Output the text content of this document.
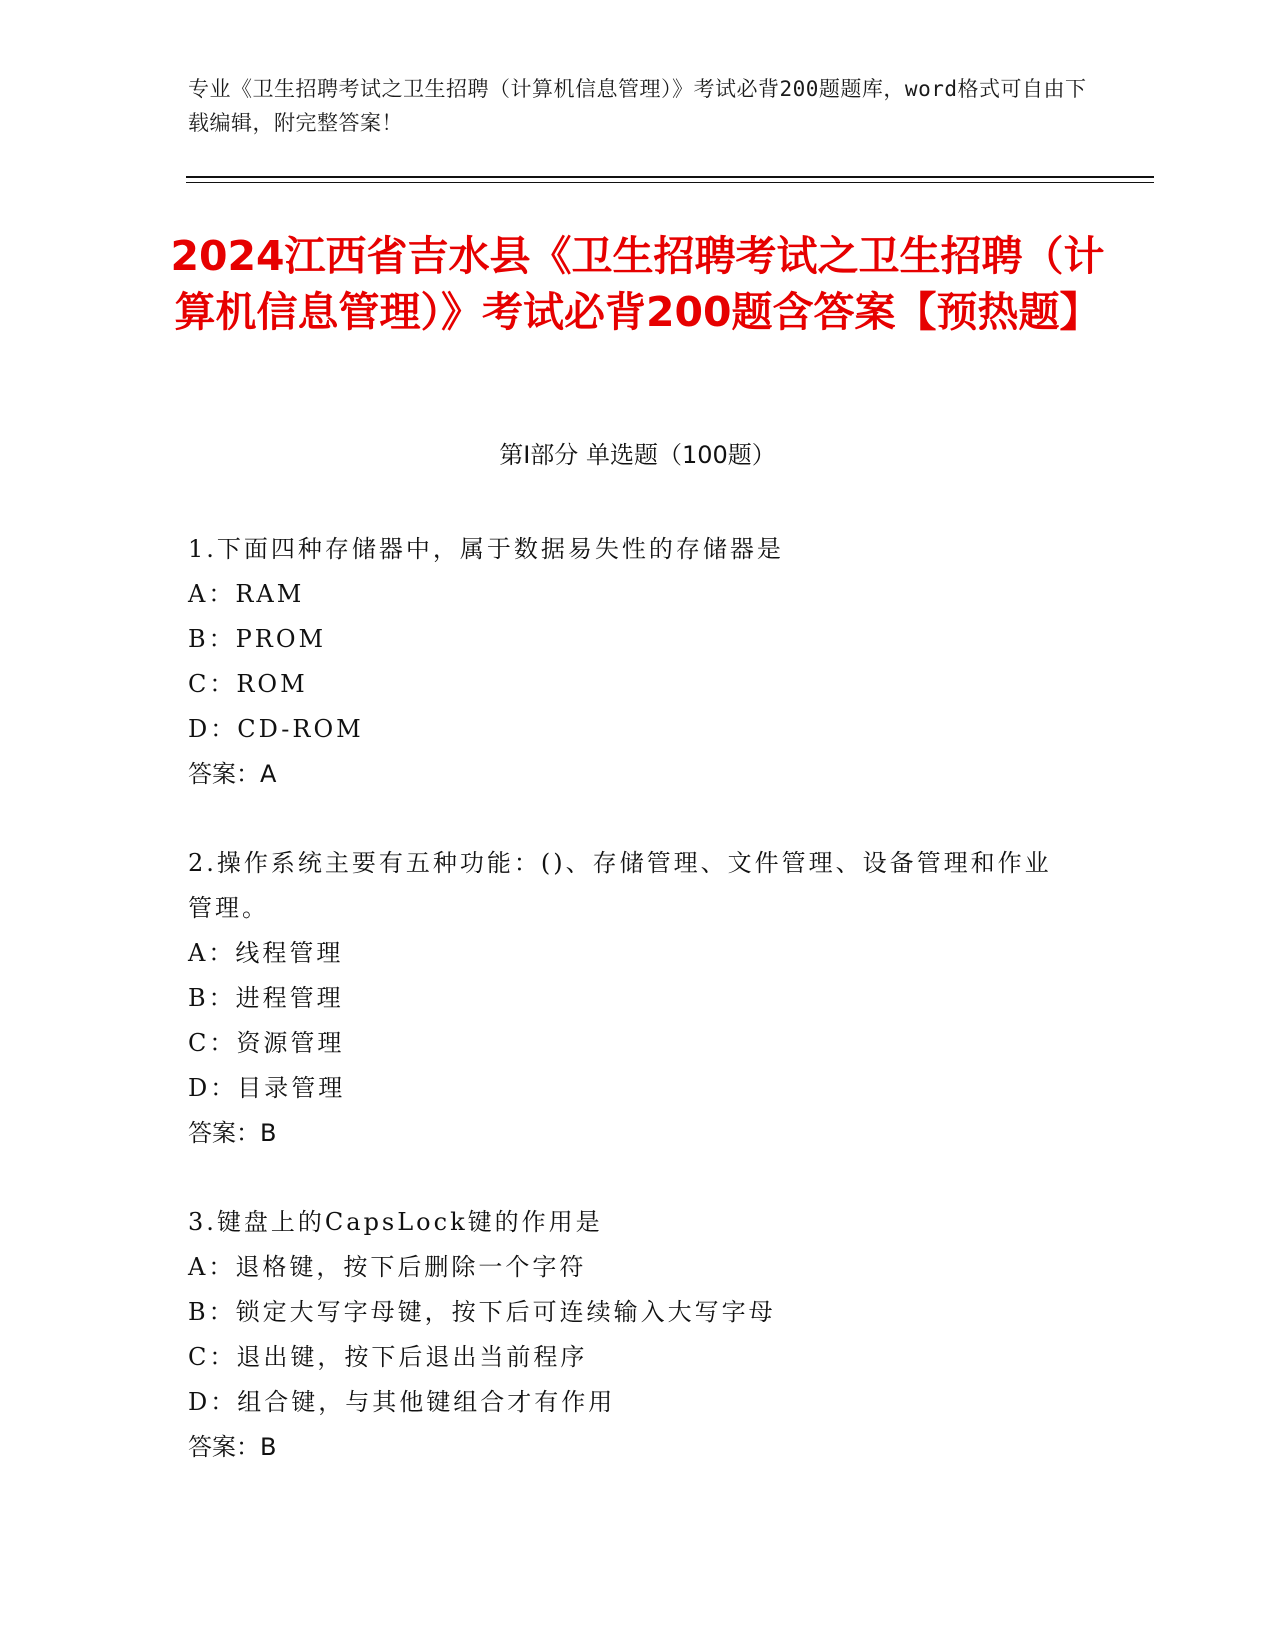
专业《卫生招聘考试之卫生招聘（计算机信息管理）》考试必背200题题库，word格式可自由下载编辑，附完整答案！
2024江西省吉水县《卫生招聘考试之卫生招聘（计算机信息管理）》考试必背200题含答案【预热题】
第Ⅰ部分 单选题（100题）

1.下面四种存储器中，属于数据易失性的存储器是

A：RAM

B：PROM

C：ROM

D：CD-ROM

答案：A

2.操作系统主要有五种功能：()、存储管理、文件管理、设备管理和作业管理。

A：线程管理

B：进程管理

C：资源管理

D：目录管理

答案：B

3.键盘上的CapsLock键的作用是

A：退格键，按下后删除一个字符

B：锁定大写字母键，按下后可连续输入大写字母

C：退出键，按下后退出当前程序

D：组合键，与其他键组合才有作用

答案：B
